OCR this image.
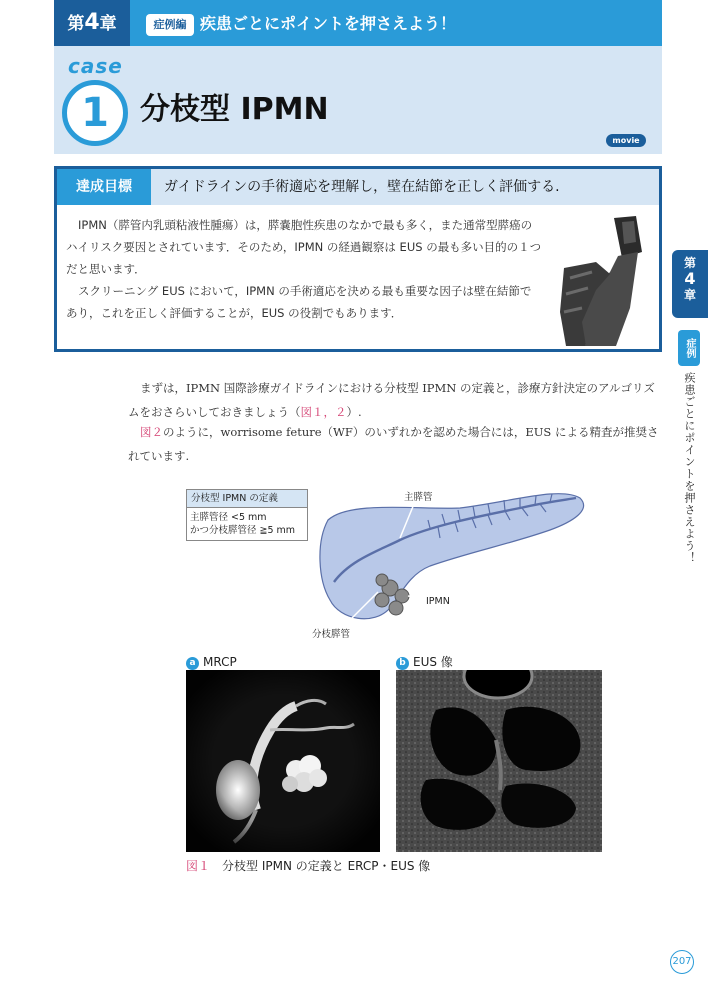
第4章	症例編 疾患ごとにポイントを押さえよう！
1
case
分枝型 IPMN
movie
達成目標	ガイドラインの手術適応を理解し，壁在結節を正しく評価する.
IPMN（膵管内乳頭粘液性腫瘍）は，膵嚢胞性疾患のなかで最も多く，また通常型膵癌のハイリスク要因とされています．そのため，IPMN の経過観察は EUS の最も多い目的の１つだと思います．
スクリーニング EUS において，IPMN の手術適応を決める最も重要な因子は壁在結節であり，これを正しく評価することが，EUS の役割でもあります．
第
4
章
症例
疾患ごとにポイントを押さえよう！
まずは，IPMN 国際診療ガイドラインにおける分枝型 IPMN の定義と，診療方針決定のアルゴリズムをおさらいしておきましょう（図１，２）.
図２のように，worrisome feture（WF）のいずれかを認めた場合には，EUS による精査が推奨されています.
分枝型 IPMN の定義
主膵管径 <5 mm
かつ分枝膵管径 ≧5 mm
主膵管
IPMN
分枝膵管
a MRCP	b EUS 像
図１ 分枝型 IPMN の定義と ERCP・EUS 像
207
